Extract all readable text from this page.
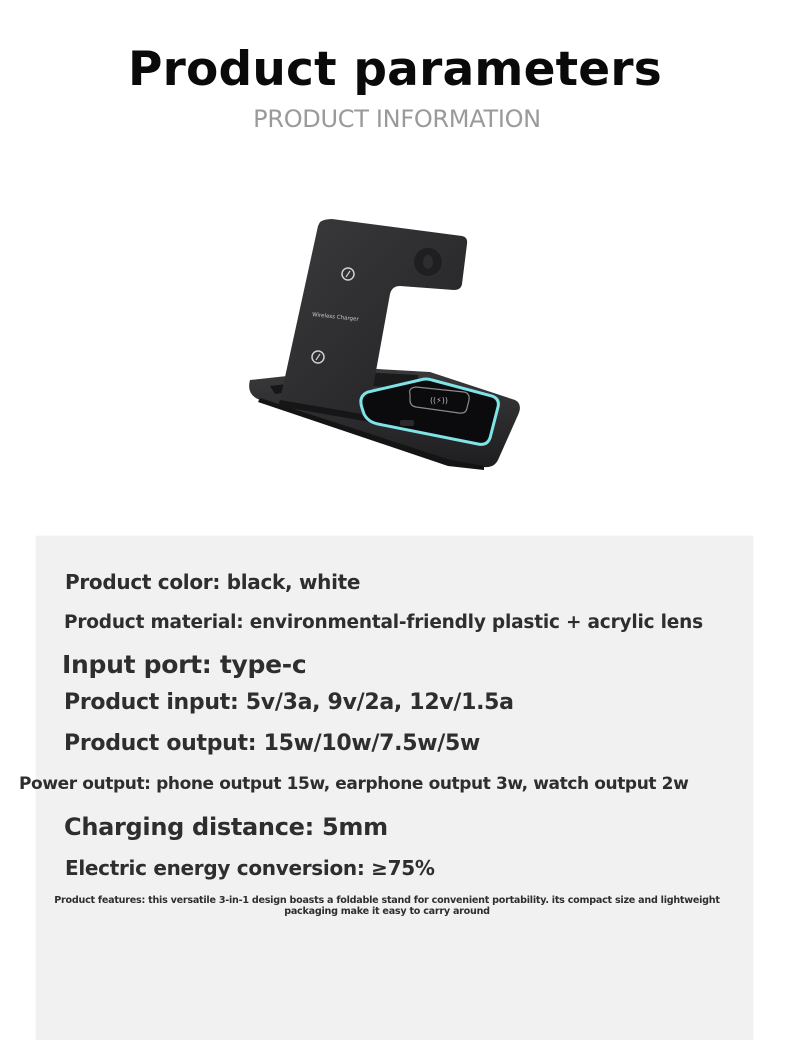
Product parameters
PRODUCT INFORMATION
Wireless Charger
((⚡))
Product color: black, white
Product material: environmental-friendly plastic + acrylic lens
Input port: type-c
Product input: 5v/3a, 9v/2a, 12v/1.5a
Product output: 15w/10w/7.5w/5w
Power output: phone output 15w, earphone output 3w, watch output 2w
Charging distance: 5mm
Electric energy conversion: ≥75%
Product features: this versatile 3-in-1 design boasts a foldable stand for convenient portability. its compact size and lightweight packaging make it easy to carry around
